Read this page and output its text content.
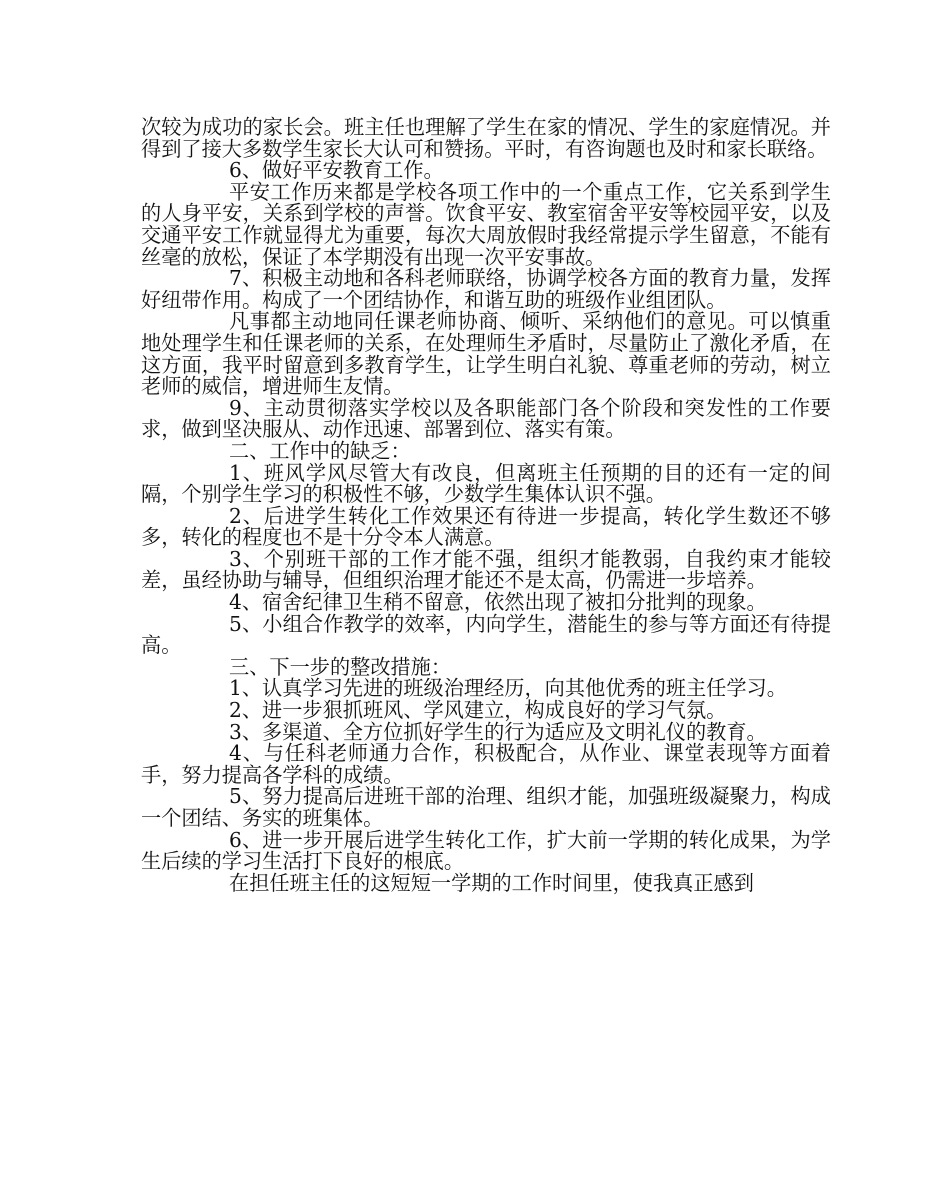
次较为成功的家长会。班主任也理解了学生在家的情况、学生的家庭情况。并得到了接大多数学生家长大认可和赞扬。平时，有咨询题也及时和家长联络。

6、做好平安教育工作。

平安工作历来都是学校各项工作中的一个重点工作，它关系到学生的人身平安，关系到学校的声誉。饮食平安、教室宿舍平安等校园平安，以及交通平安工作就显得尤为重要，每次大周放假时我经常提示学生留意，不能有丝毫的放松，保证了本学期没有出现一次平安事故。

7、积极主动地和各科老师联络，协调学校各方面的教育力量，发挥好纽带作用。构成了一个团结协作，和谐互助的班级作业组团队。

凡事都主动地同任课老师协商、倾听、采纳他们的意见。可以慎重地处理学生和任课老师的关系，在处理师生矛盾时，尽量防止了激化矛盾，在这方面，我平时留意到多教育学生，让学生明白礼貌、尊重老师的劳动，树立老师的威信，增进师生友情。

9、主动贯彻落实学校以及各职能部门各个阶段和突发性的工作要求，做到坚决服从、动作迅速、部署到位、落实有策。

二、工作中的缺乏：

1、班风学风尽管大有改良，但离班主任预期的目的还有一定的间隔，个别学生学习的积极性不够，少数学生集体认识不强。

2、后进学生转化工作效果还有待进一步提高，转化学生数还不够多，转化的程度也不是十分令本人满意。

3、个别班干部的工作才能不强，组织才能教弱，自我约束才能较差，虽经协助与辅导，但组织治理才能还不是太高，仍需进一步培养。

4、宿舍纪律卫生稍不留意，依然出现了被扣分批判的现象。

5、小组合作教学的效率，内向学生，潜能生的参与等方面还有待提高。

三、下一步的整改措施：

1、认真学习先进的班级治理经历，向其他优秀的班主任学习。

2、进一步狠抓班风、学风建立，构成良好的学习气氛。

3、多渠道、全方位抓好学生的行为适应及文明礼仪的教育。

4、与任科老师通力合作，积极配合，从作业、课堂表现等方面着手，努力提高各学科的成绩。

5、努力提高后进班干部的治理、组织才能，加强班级凝聚力，构成一个团结、务实的班集体。

6、进一步开展后进学生转化工作，扩大前一学期的转化成果，为学生后续的学习生活打下良好的根底。

在担任班主任的这短短一学期的工作时间里，使我真正感到
